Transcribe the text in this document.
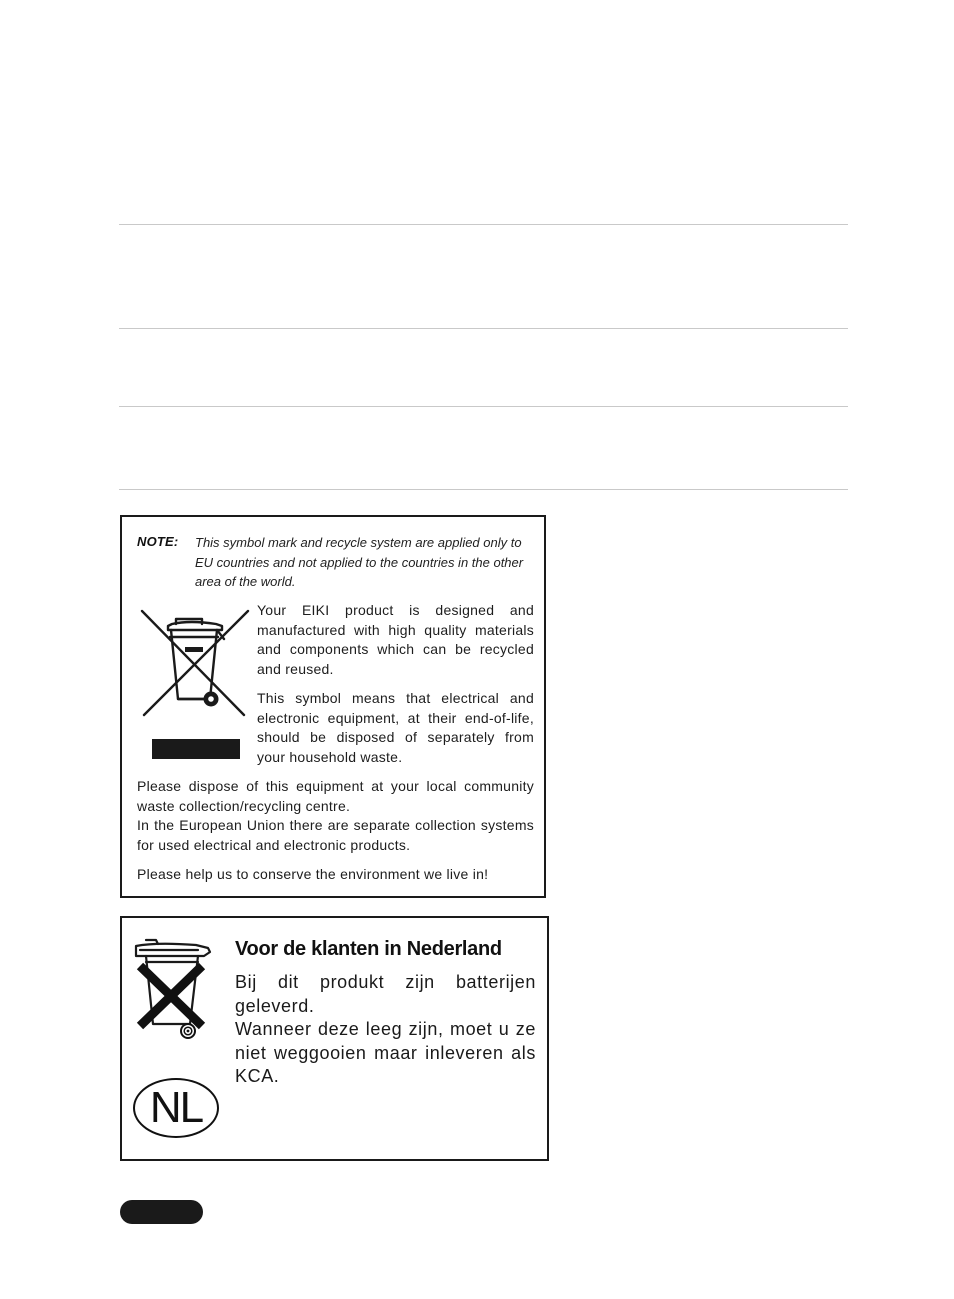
NOTE: This symbol mark and recycle system are applied only to EU countries and not applied to the countries in the other area of the world.
Your EIKI product is designed and manufactured with high quality materials and components which can be recycled and reused.
This symbol means that electrical and electronic equipment, at their end-of-life, should be disposed of separately from your household waste.
Please dispose of this equipment at your local community waste collection/recycling centre.
In the European Union there are separate collection systems for used electrical and electronic products.
Please help us to conserve the environment we live in!
NL
Voor de klanten in Nederland
Bij dit produkt zijn batterijen geleverd.
Wanneer deze leeg zijn, moet u ze niet weggooien maar inleveren als KCA.
